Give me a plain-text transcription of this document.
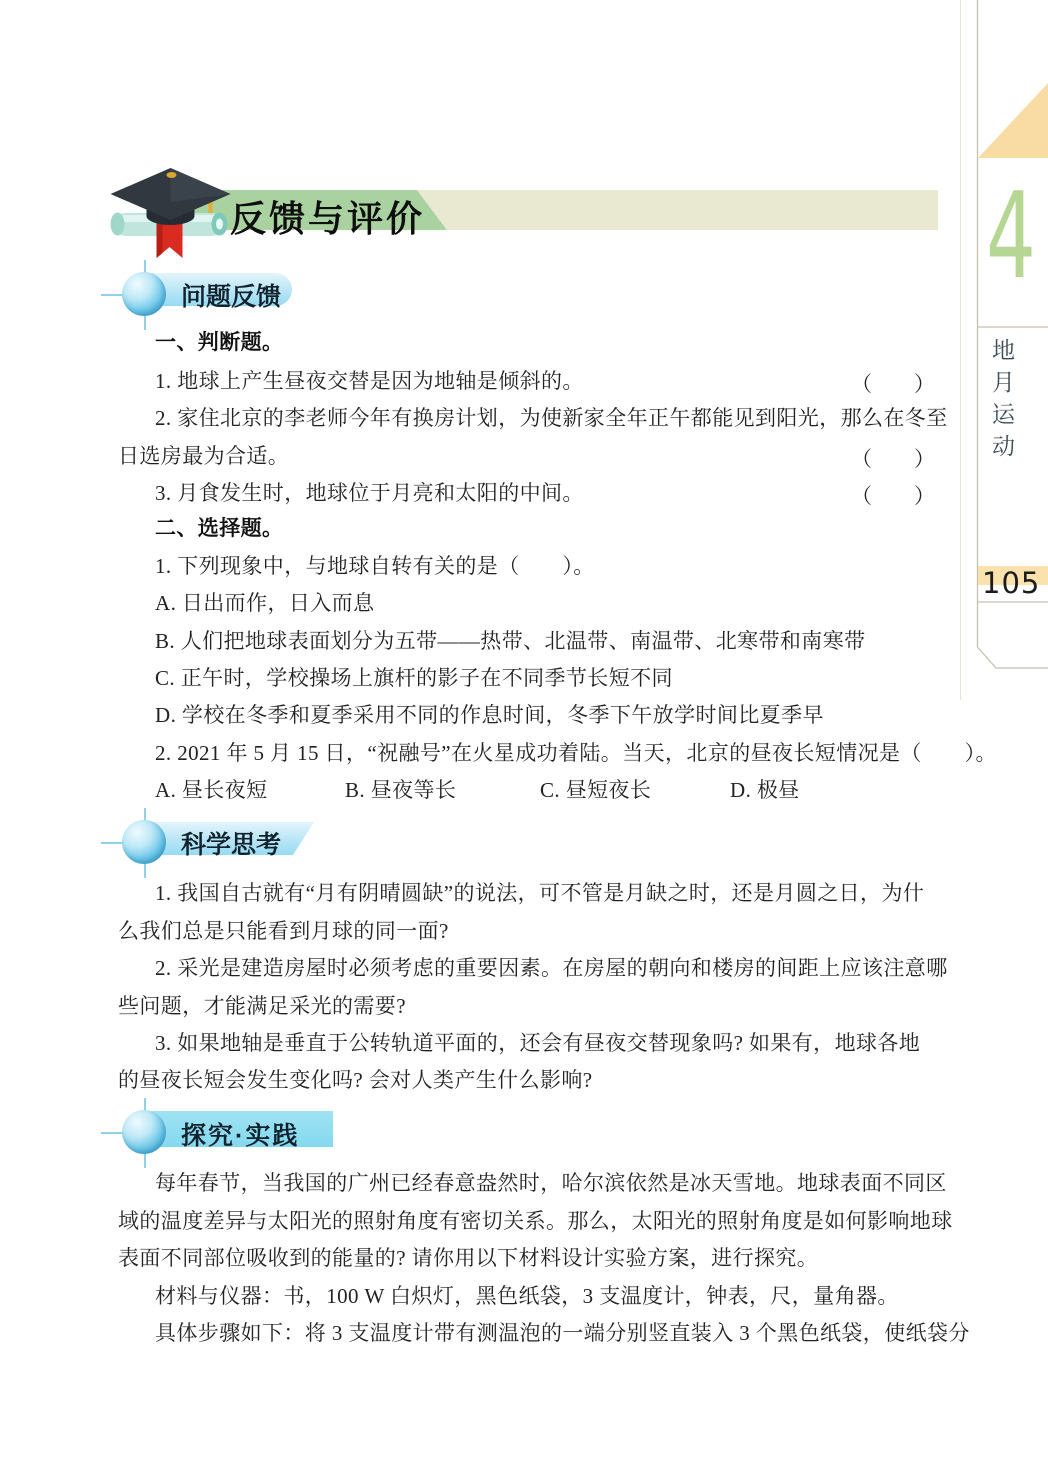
反馈与评价
问题反馈
一、判断题。
1. 地球上产生昼夜交替是因为地轴是倾斜的。	（　　）
2. 家住北京的李老师今年有换房计划，为使新家全年正午都能见到阳光，那么在冬至
日选房最为合适。	（　　）
3. 月食发生时，地球位于月亮和太阳的中间。	（　　）
二、选择题。
1. 下列现象中，与地球自转有关的是（　　）。
A. 日出而作，日入而息
B. 人们把地球表面划分为五带——热带、北温带、南温带、北寒带和南寒带
C. 正午时，学校操场上旗杆的影子在不同季节长短不同
D. 学校在冬季和夏季采用不同的作息时间，冬季下午放学时间比夏季早
2. 2021 年 5 月 15 日，“祝融号”在火星成功着陆。当天，北京的昼夜长短情况是（　　）。
A. 昼长夜短	B. 昼夜等长	C. 昼短夜长	D. 极昼
科学思考
1. 我国自古就有“月有阴晴圆缺”的说法，可不管是月缺之时，还是月圆之日，为什
么我们总是只能看到月球的同一面?
2. 采光是建造房屋时必须考虑的重要因素。在房屋的朝向和楼房的间距上应该注意哪
些问题，才能满足采光的需要?
3. 如果地轴是垂直于公转轨道平面的，还会有昼夜交替现象吗? 如果有，地球各地
的昼夜长短会发生变化吗? 会对人类产生什么影响?
探究·实践
每年春节，当我国的广州已经春意盎然时，哈尔滨依然是冰天雪地。地球表面不同区
域的温度差异与太阳光的照射角度有密切关系。那么，太阳光的照射角度是如何影响地球
表面不同部位吸收到的能量的? 请你用以下材料设计实验方案，进行探究。
材料与仪器：书，100 W 白炽灯，黑色纸袋，3 支温度计，钟表，尺，量角器。
具体步骤如下：将 3 支温度计带有测温泡的一端分别竖直装入 3 个黑色纸袋，使纸袋分
4
地月运动
105
